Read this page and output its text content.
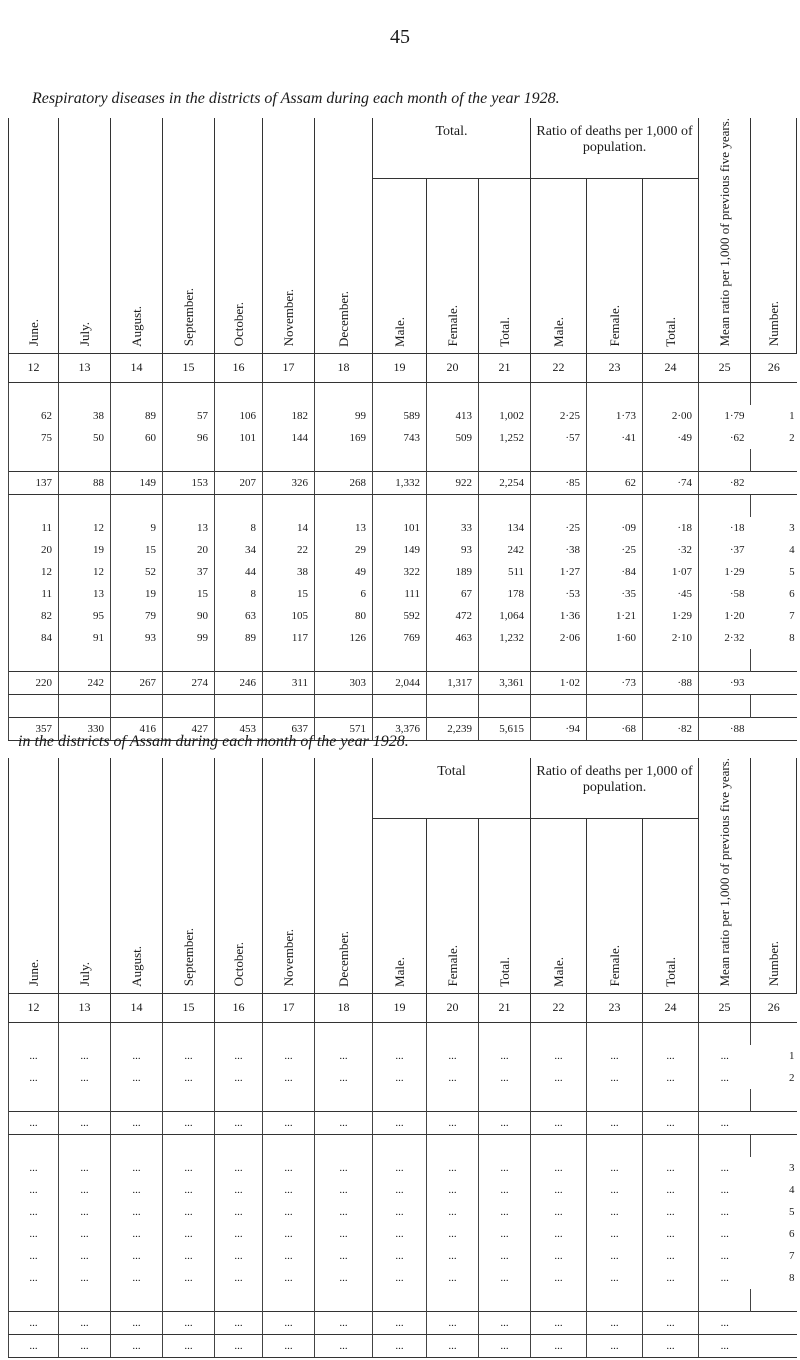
45
Respiratory diseases in the districts of Assam during each month of the year 1928.
June.	July.	August.	September.	October.	November.	December.	Total.			Ratio of deaths per 1,000 of population.			Mean ratio per 1,000 of previous five years.	Number.

							Male.	Female.	Total.	Male.	Female.	Total.		

12	13	14	15	16	17	18	19	20	21	22	23	24	25	26

62	38	89	57	106	182	99	589	413	1,002	2·25	1·73	2·00	1·79	1
75	50	60	96	101	144	169	743	509	1,252	·57	·41	·49	·62	2

137	88	149	153	207	326	268	1,332	922	2,254	·85	62	·74	·82	

11	12	9	13	8	14	13	101	33	134	·25	·09	·18	·18	3
20	19	15	20	34	22	29	149	93	242	·38	·25	·32	·37	4
12	12	52	37	44	38	49	322	189	511	1·27	·84	1·07	1·29	5
11	13	19	15	8	15	6	111	67	178	·53	·35	·45	·58	6
82	95	79	90	63	105	80	592	472	1,064	1·36	1·21	1·29	1·20	7
84	91	93	99	89	117	126	769	463	1,232	2·06	1·60	2·10	2·32	8

220	242	267	274	246	311	303	2,044	1,317	3,361	1·02	·73	·88	·93	

357	330	416	427	453	637	571	3,376	2,239	5,615	·94	·68	·82	·88	
in the districts of Assam during each month of the year 1928.
June.	July.	August.	September.	October.	November.	December.	Total			Ratio of deaths per 1,000 of population.			Mean ratio per 1,000 of previous five years.	Number.

							Male.	Female.	Total.	Male.	Female.	Total.		

12	13	14	15	16	17	18	19	20	21	22	23	24	25	26

...	...	...	...	...	...	...	...	...	...	...	...	...	...	1
...	...	...	...	...	...	...	...	...	...	...	...	...	...	2

...	...	...	...	...	...	...	...	...	...	...	...	...	...	

...	...	...	...	...	...	...	...	...	...	...	...	...	...	3
...	...	...	...	...	...	...	...	...	...	...	...	...	...	4
...	...	...	...	...	...	...	...	...	...	...	...	...	...	5
...	...	...	...	...	...	...	...	...	...	...	...	...	...	6
...	...	...	...	...	...	...	...	...	...	...	...	...	...	7
...	...	...	...	...	...	...	...	...	...	...	...	...	...	8

...	...	...	...	...	...	...	...	...	...	...	...	...	...	
...	...	...	...	...	...	...	...	...	...	...	...	...	...	
